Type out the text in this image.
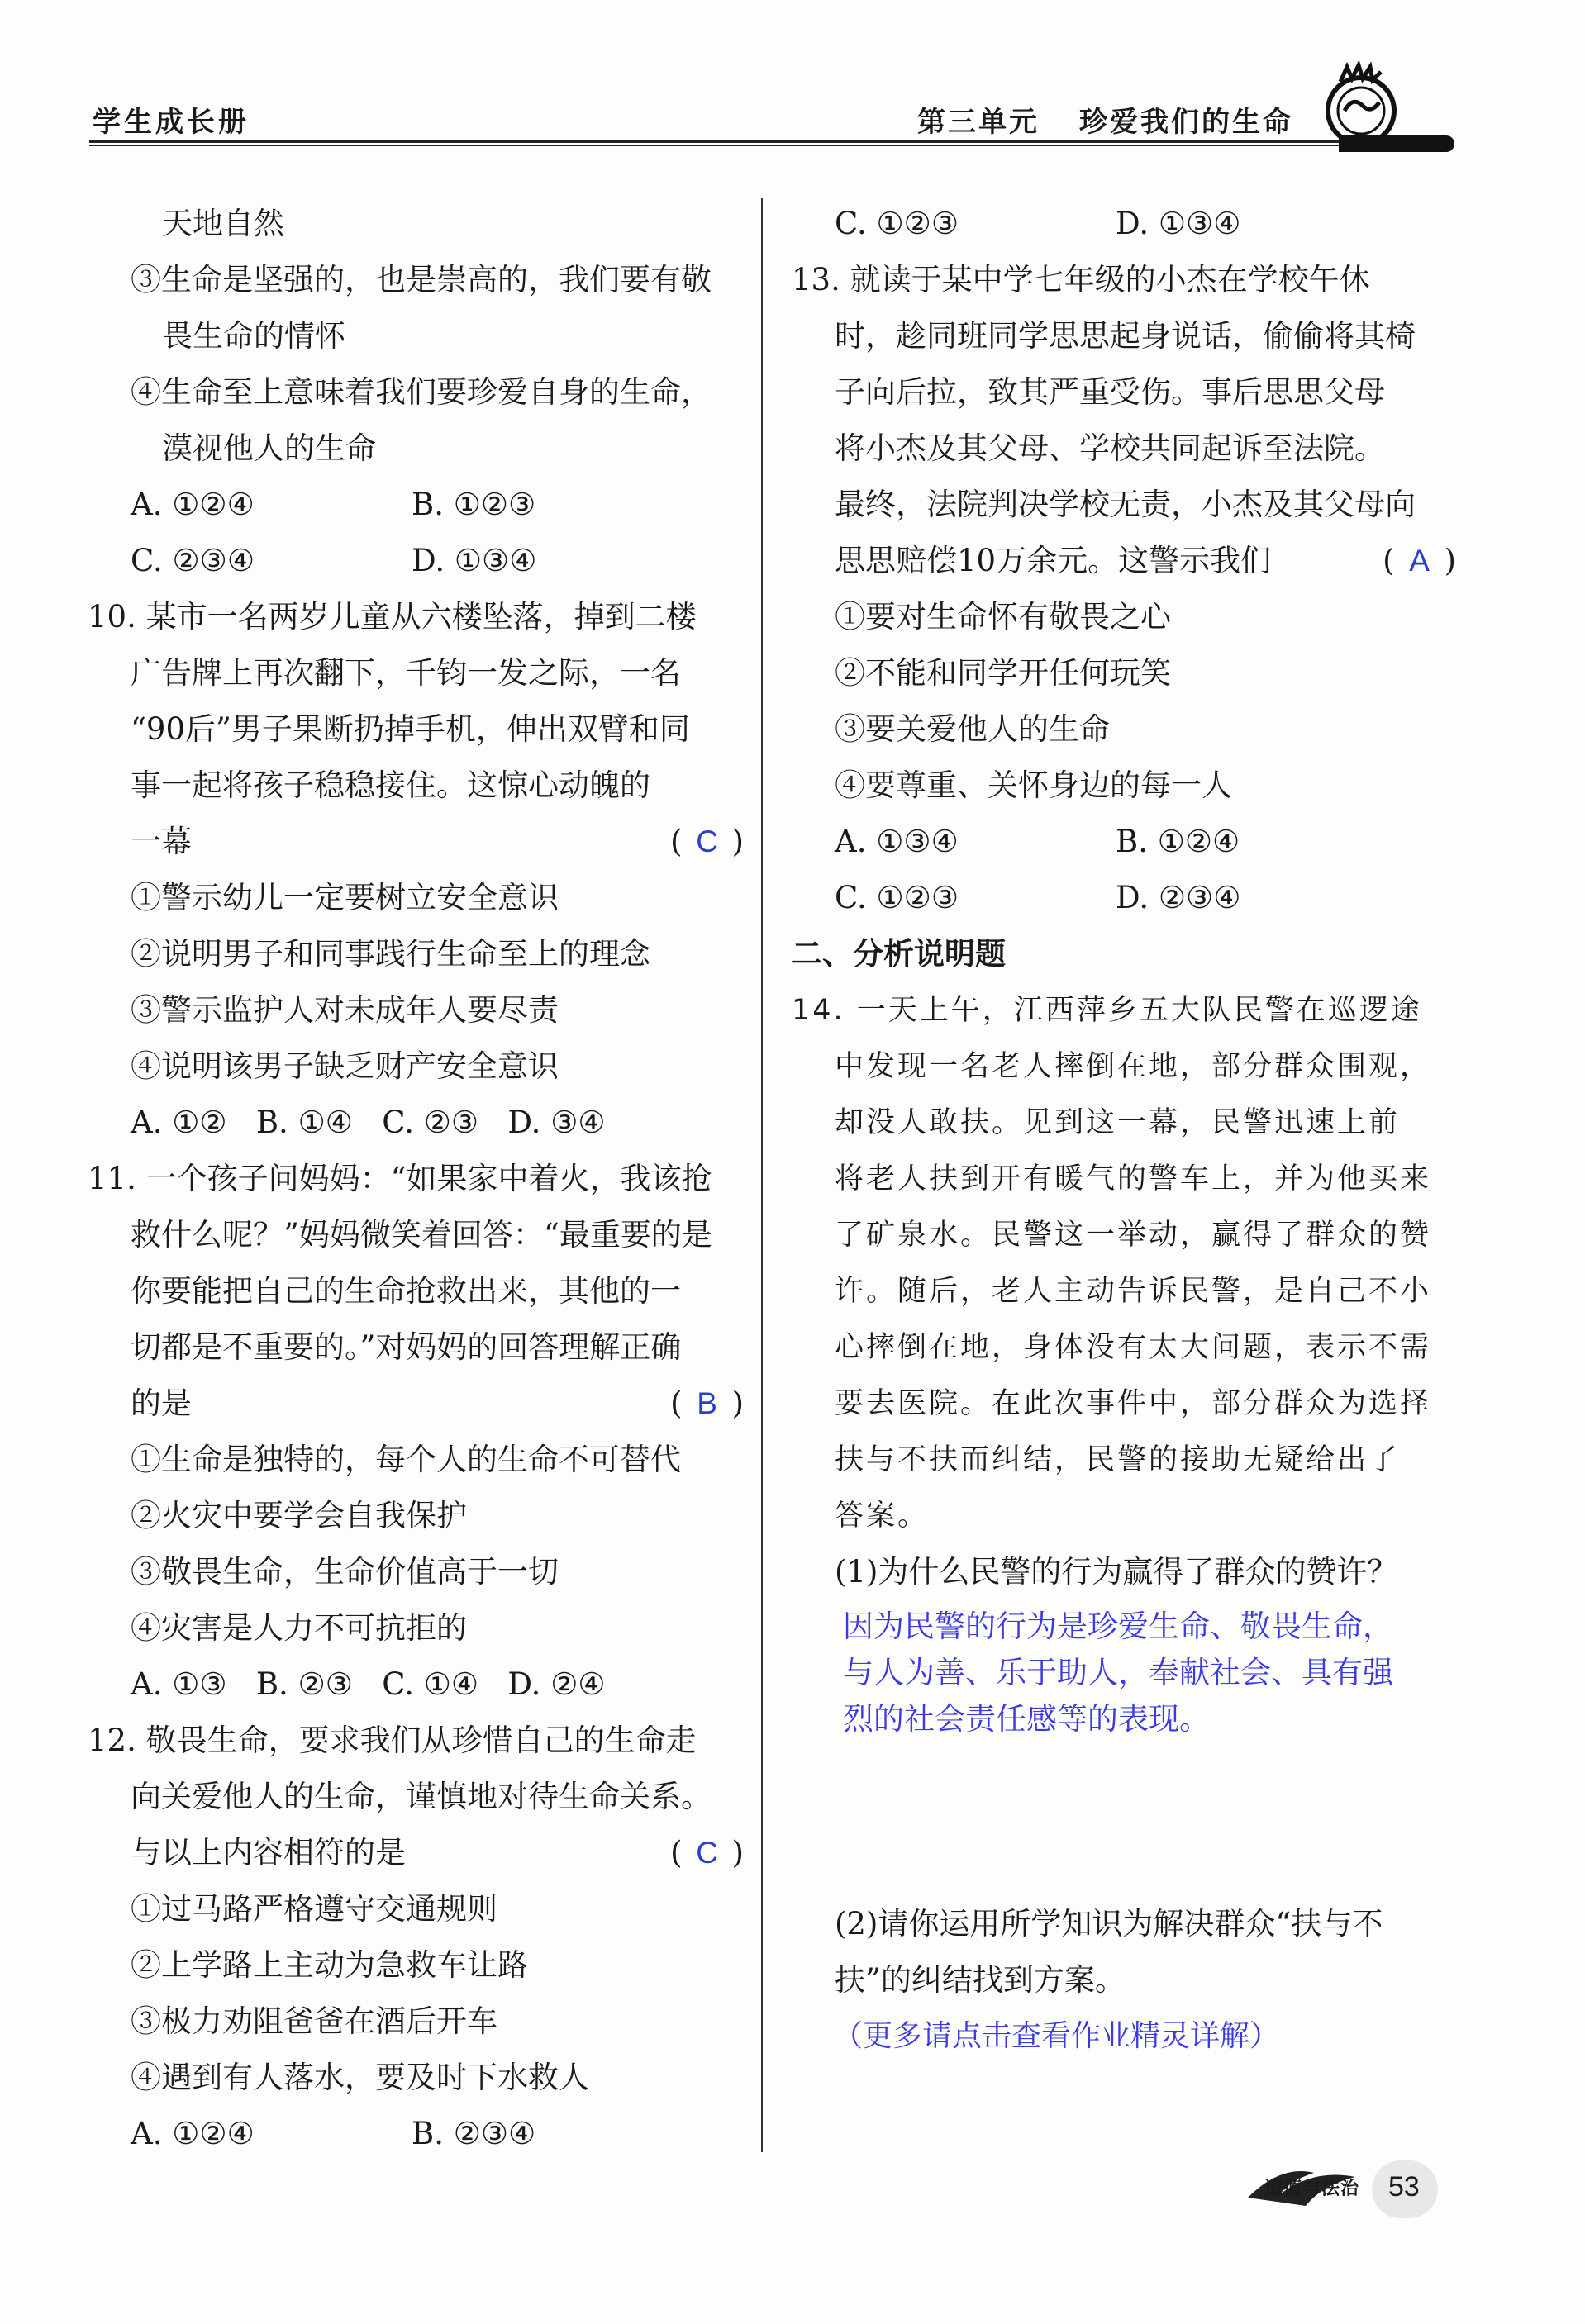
学生成长册	第三单元 珍爱我们的生命
天地自然
③生命是坚强的，也是崇高的，我们要有敬
畏生命的情怀
④生命至上意味着我们要珍爱自身的生命，
漠视他人的生命
A. ①②④	B. ①②③
C. ②③④	D. ①③④
10. 某市一名两岁儿童从六楼坠落，掉到二楼
广告牌上再次翻下，千钧一发之际，一名
“90后”男子果断扔掉手机，伸出双臂和同
事一起将孩子稳稳接住。这惊心动魄的
一幕	( C )
①警示幼儿一定要树立安全意识
②说明男子和同事践行生命至上的理念
③警示监护人对未成年人要尽责
④说明该男子缺乏财产安全意识
A. ①②   B. ①④   C. ②③   D. ③④
11. 一个孩子问妈妈：“如果家中着火，我该抢
救什么呢？”妈妈微笑着回答：“最重要的是
你要能把自己的生命抢救出来，其他的一
切都是不重要的。”对妈妈的回答理解正确
的是	( B )
①生命是独特的，每个人的生命不可替代
②火灾中要学会自我保护
③敬畏生命，生命价值高于一切
④灾害是人力不可抗拒的
A. ①③   B. ②③   C. ①④   D. ②④
12. 敬畏生命，要求我们从珍惜自己的生命走
向关爱他人的生命，谨慎地对待生命关系。
与以上内容相符的是	( C )
①过马路严格遵守交通规则
②上学路上主动为急救车让路
③极力劝阻爸爸在酒后开车
④遇到有人落水，要及时下水救人
A. ①②④	B. ②③④
C. ①②③	D. ①③④
13. 就读于某中学七年级的小杰在学校午休
时，趁同班同学思思起身说话，偷偷将其椅
子向后拉，致其严重受伤。事后思思父母
将小杰及其父母、学校共同起诉至法院。
最终，法院判决学校无责，小杰及其父母向
思思赔偿10万余元。这警示我们	( A )
①要对生命怀有敬畏之心
②不能和同学开任何玩笑
③要关爱他人的生命
④要尊重、关怀身边的每一人
A. ①③④	B. ①②④
C. ①②③	D. ②③④
二、分析说明题
14. 一天上午，江西萍乡五大队民警在巡逻途
中发现一名老人摔倒在地，部分群众围观，
却没人敢扶。见到这一幕，民警迅速上前
将老人扶到开有暖气的警车上，并为他买来
了矿泉水。民警这一举动，赢得了群众的赞
许。随后，老人主动告诉民警，是自己不小
心摔倒在地，身体没有太大问题，表示不需
要去医院。在此次事件中，部分群众为选择
扶与不扶而纠结，民警的接助无疑给出了
答案。
(1)为什么民警的行为赢得了群众的赞许？
因为民警的行为是珍爱生命、敬畏生命，
与人为善、乐于助人，奉献社会、具有强
烈的社会责任感等的表现。
(2)请你运用所学知识为解决群众“扶与不
扶”的纠结找到方案。
（更多请点击查看作业精灵详解）
道德与法治 53
